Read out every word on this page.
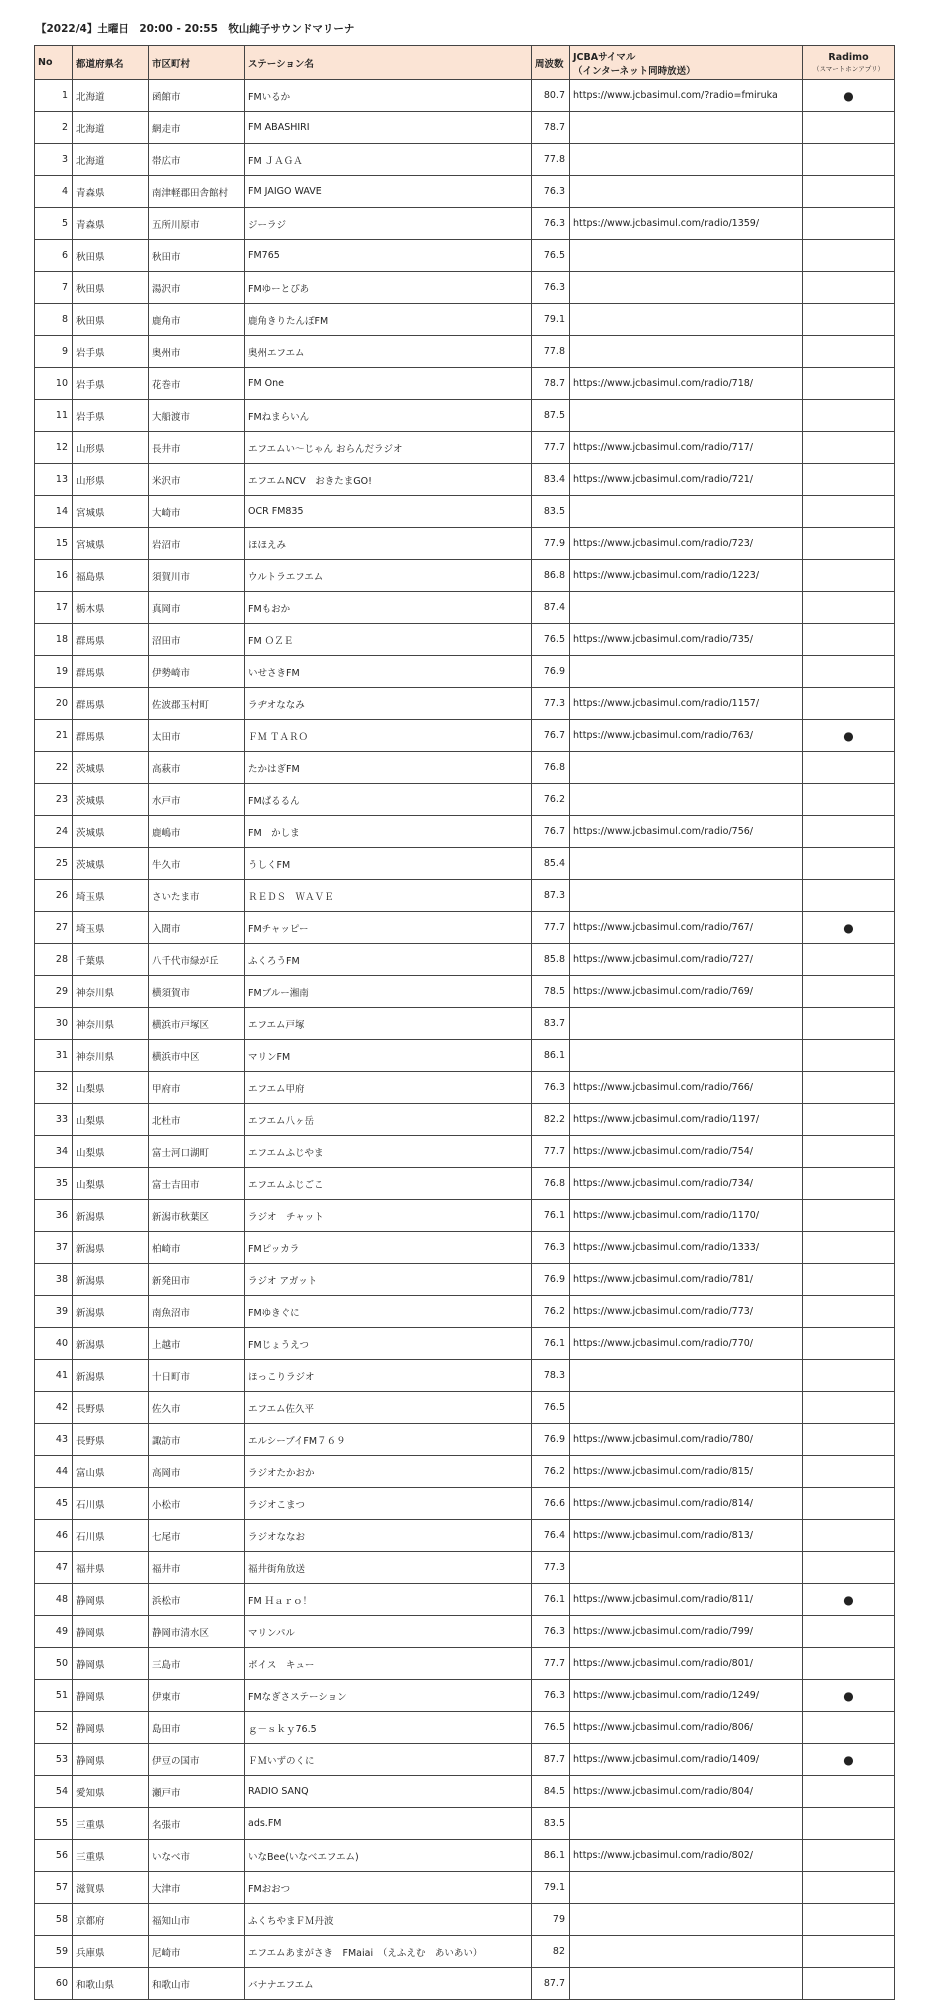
【2022/4】土曜日　20:00 - 20:55　牧山純子サウンドマリーナ
No	都道府県名	市区町村	ステーション名	周波数	JCBAサイマル
（インターネット同時放送）	Radimo
（スマートホンアプリ）

1	北海道	函館市	FMいるか	80.7	https://www.jcbasimul.com/?radio=fmiruka	●
2	北海道	網走市	FM ABASHIRI	78.7		
3	北海道	帯広市	FM ＪＡＧＡ	77.8		
4	青森県	南津軽郡田舎館村	FM JAIGO WAVE	76.3		
5	青森県	五所川原市	ジーラジ	76.3	https://www.jcbasimul.com/radio/1359/	
6	秋田県	秋田市	FM765	76.5		
7	秋田県	湯沢市	FMゆーとぴあ	76.3		
8	秋田県	鹿角市	鹿角きりたんぽFM	79.1		
9	岩手県	奥州市	奥州エフエム	77.8		
10	岩手県	花巻市	FM One	78.7	https://www.jcbasimul.com/radio/718/	
11	岩手県	大船渡市	FMねまらいん	87.5		
12	山形県	長井市	エフエムい～じゃん おらんだラジオ	77.7	https://www.jcbasimul.com/radio/717/	
13	山形県	米沢市	エフエムNCV　おきたまGO!	83.4	https://www.jcbasimul.com/radio/721/	
14	宮城県	大崎市	OCR FM835	83.5		
15	宮城県	岩沼市	ほほえみ	77.9	https://www.jcbasimul.com/radio/723/	
16	福島県	須賀川市	ウルトラエフエム	86.8	https://www.jcbasimul.com/radio/1223/	
17	栃木県	真岡市	FMもおか	87.4		
18	群馬県	沼田市	FM ＯＺＥ	76.5	https://www.jcbasimul.com/radio/735/	
19	群馬県	伊勢崎市	いせさきFM	76.9		
20	群馬県	佐波郡玉村町	ラヂオななみ	77.3	https://www.jcbasimul.com/radio/1157/	
21	群馬県	太田市	ＦＭ ＴＡＲＯ	76.7	https://www.jcbasimul.com/radio/763/	●
22	茨城県	高萩市	たかはぎFM	76.8		
23	茨城県	水戸市	FMぱるるん	76.2		
24	茨城県	鹿嶋市	FM　かしま	76.7	https://www.jcbasimul.com/radio/756/	
25	茨城県	牛久市	うしくFM	85.4		
26	埼玉県	さいたま市	ＲＥＤＳ　ＷＡＶＥ	87.3		
27	埼玉県	入間市	FMチャッピー	77.7	https://www.jcbasimul.com/radio/767/	●
28	千葉県	八千代市緑が丘	ふくろうFM	85.8	https://www.jcbasimul.com/radio/727/	
29	神奈川県	横須賀市	FMブルー湘南	78.5	https://www.jcbasimul.com/radio/769/	
30	神奈川県	横浜市戸塚区	エフエム戸塚	83.7		
31	神奈川県	横浜市中区	マリンFM	86.1		
32	山梨県	甲府市	エフエム甲府	76.3	https://www.jcbasimul.com/radio/766/	
33	山梨県	北杜市	エフエム八ヶ岳	82.2	https://www.jcbasimul.com/radio/1197/	
34	山梨県	富士河口湖町	エフエムふじやま	77.7	https://www.jcbasimul.com/radio/754/	
35	山梨県	富士吉田市	エフエムふじごこ	76.8	https://www.jcbasimul.com/radio/734/	
36	新潟県	新潟市秋葉区	ラジオ　チャット	76.1	https://www.jcbasimul.com/radio/1170/	
37	新潟県	柏崎市	FMピッカラ	76.3	https://www.jcbasimul.com/radio/1333/	
38	新潟県	新発田市	ラジオ アガット	76.9	https://www.jcbasimul.com/radio/781/	
39	新潟県	南魚沼市	FMゆきぐに	76.2	https://www.jcbasimul.com/radio/773/	
40	新潟県	上越市	FMじょうえつ	76.1	https://www.jcbasimul.com/radio/770/	
41	新潟県	十日町市	ほっこりラジオ	78.3		
42	長野県	佐久市	エフエム佐久平	76.5		
43	長野県	諏訪市	エルシーブイFM７６９	76.9	https://www.jcbasimul.com/radio/780/	
44	富山県	高岡市	ラジオたかおか	76.2	https://www.jcbasimul.com/radio/815/	
45	石川県	小松市	ラジオこまつ	76.6	https://www.jcbasimul.com/radio/814/	
46	石川県	七尾市	ラジオななお	76.4	https://www.jcbasimul.com/radio/813/	
47	福井県	福井市	福井街角放送	77.3		
48	静岡県	浜松市	FM Ｈａｒｏ！	76.1	https://www.jcbasimul.com/radio/811/	●
49	静岡県	静岡市清水区	マリンパル	76.3	https://www.jcbasimul.com/radio/799/	
50	静岡県	三島市	ボイス　キュー	77.7	https://www.jcbasimul.com/radio/801/	
51	静岡県	伊東市	FMなぎさステーション	76.3	https://www.jcbasimul.com/radio/1249/	●
52	静岡県	島田市	ｇ－ｓｋｙ76.5	76.5	https://www.jcbasimul.com/radio/806/	
53	静岡県	伊豆の国市	ＦＭいずのくに	87.7	https://www.jcbasimul.com/radio/1409/	●
54	愛知県	瀬戸市	RADIO SANQ	84.5	https://www.jcbasimul.com/radio/804/	
55	三重県	名張市	ads.FM	83.5		
56	三重県	いなべ市	いなBee(いなべエフエム)	86.1	https://www.jcbasimul.com/radio/802/	
57	滋賀県	大津市	FMおおつ	79.1		
58	京都府	福知山市	ふくちやまＦＭ丹波	79		
59	兵庫県	尼崎市	エフエムあまがさき　FMaiai　（えふえむ　あいあい）	82		
60	和歌山県	和歌山市	バナナエフエム	87.7		
